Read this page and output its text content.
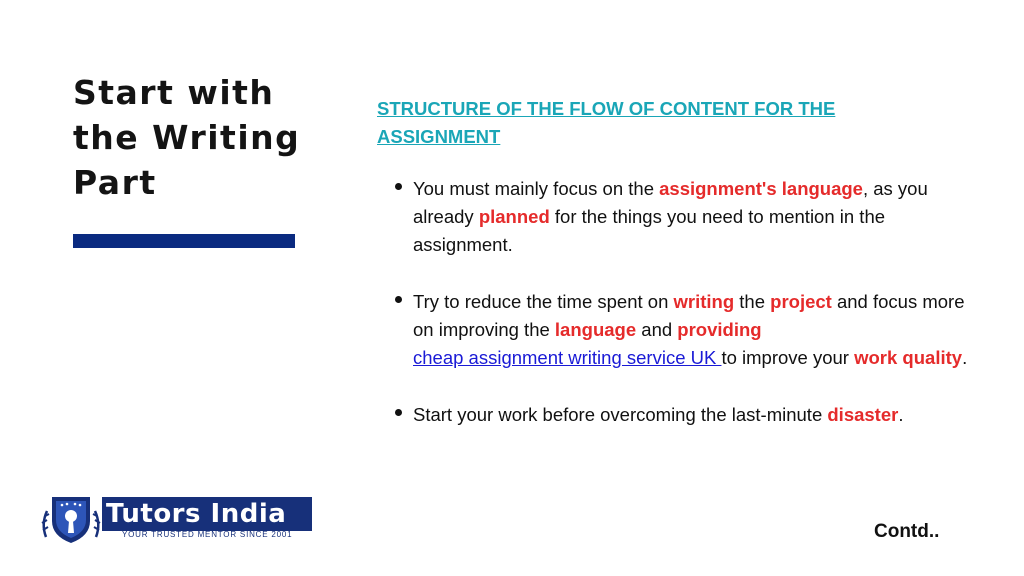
Start with
the Writing
Part
STRUCTURE OF THE FLOW OF CONTENT FOR THE
ASSIGNMENT
You must mainly focus on the assignment's language, as you already planned for the things you need to mention in the assignment.
Try to reduce the time spent on writing the project and focus more on improving the language and providing
cheap assignment writing service UK to improve your work quality.
Start your work before overcoming the last-minute disaster.
Tutors India
YOUR TRUSTED MENTOR SINCE 2001	Contd..
